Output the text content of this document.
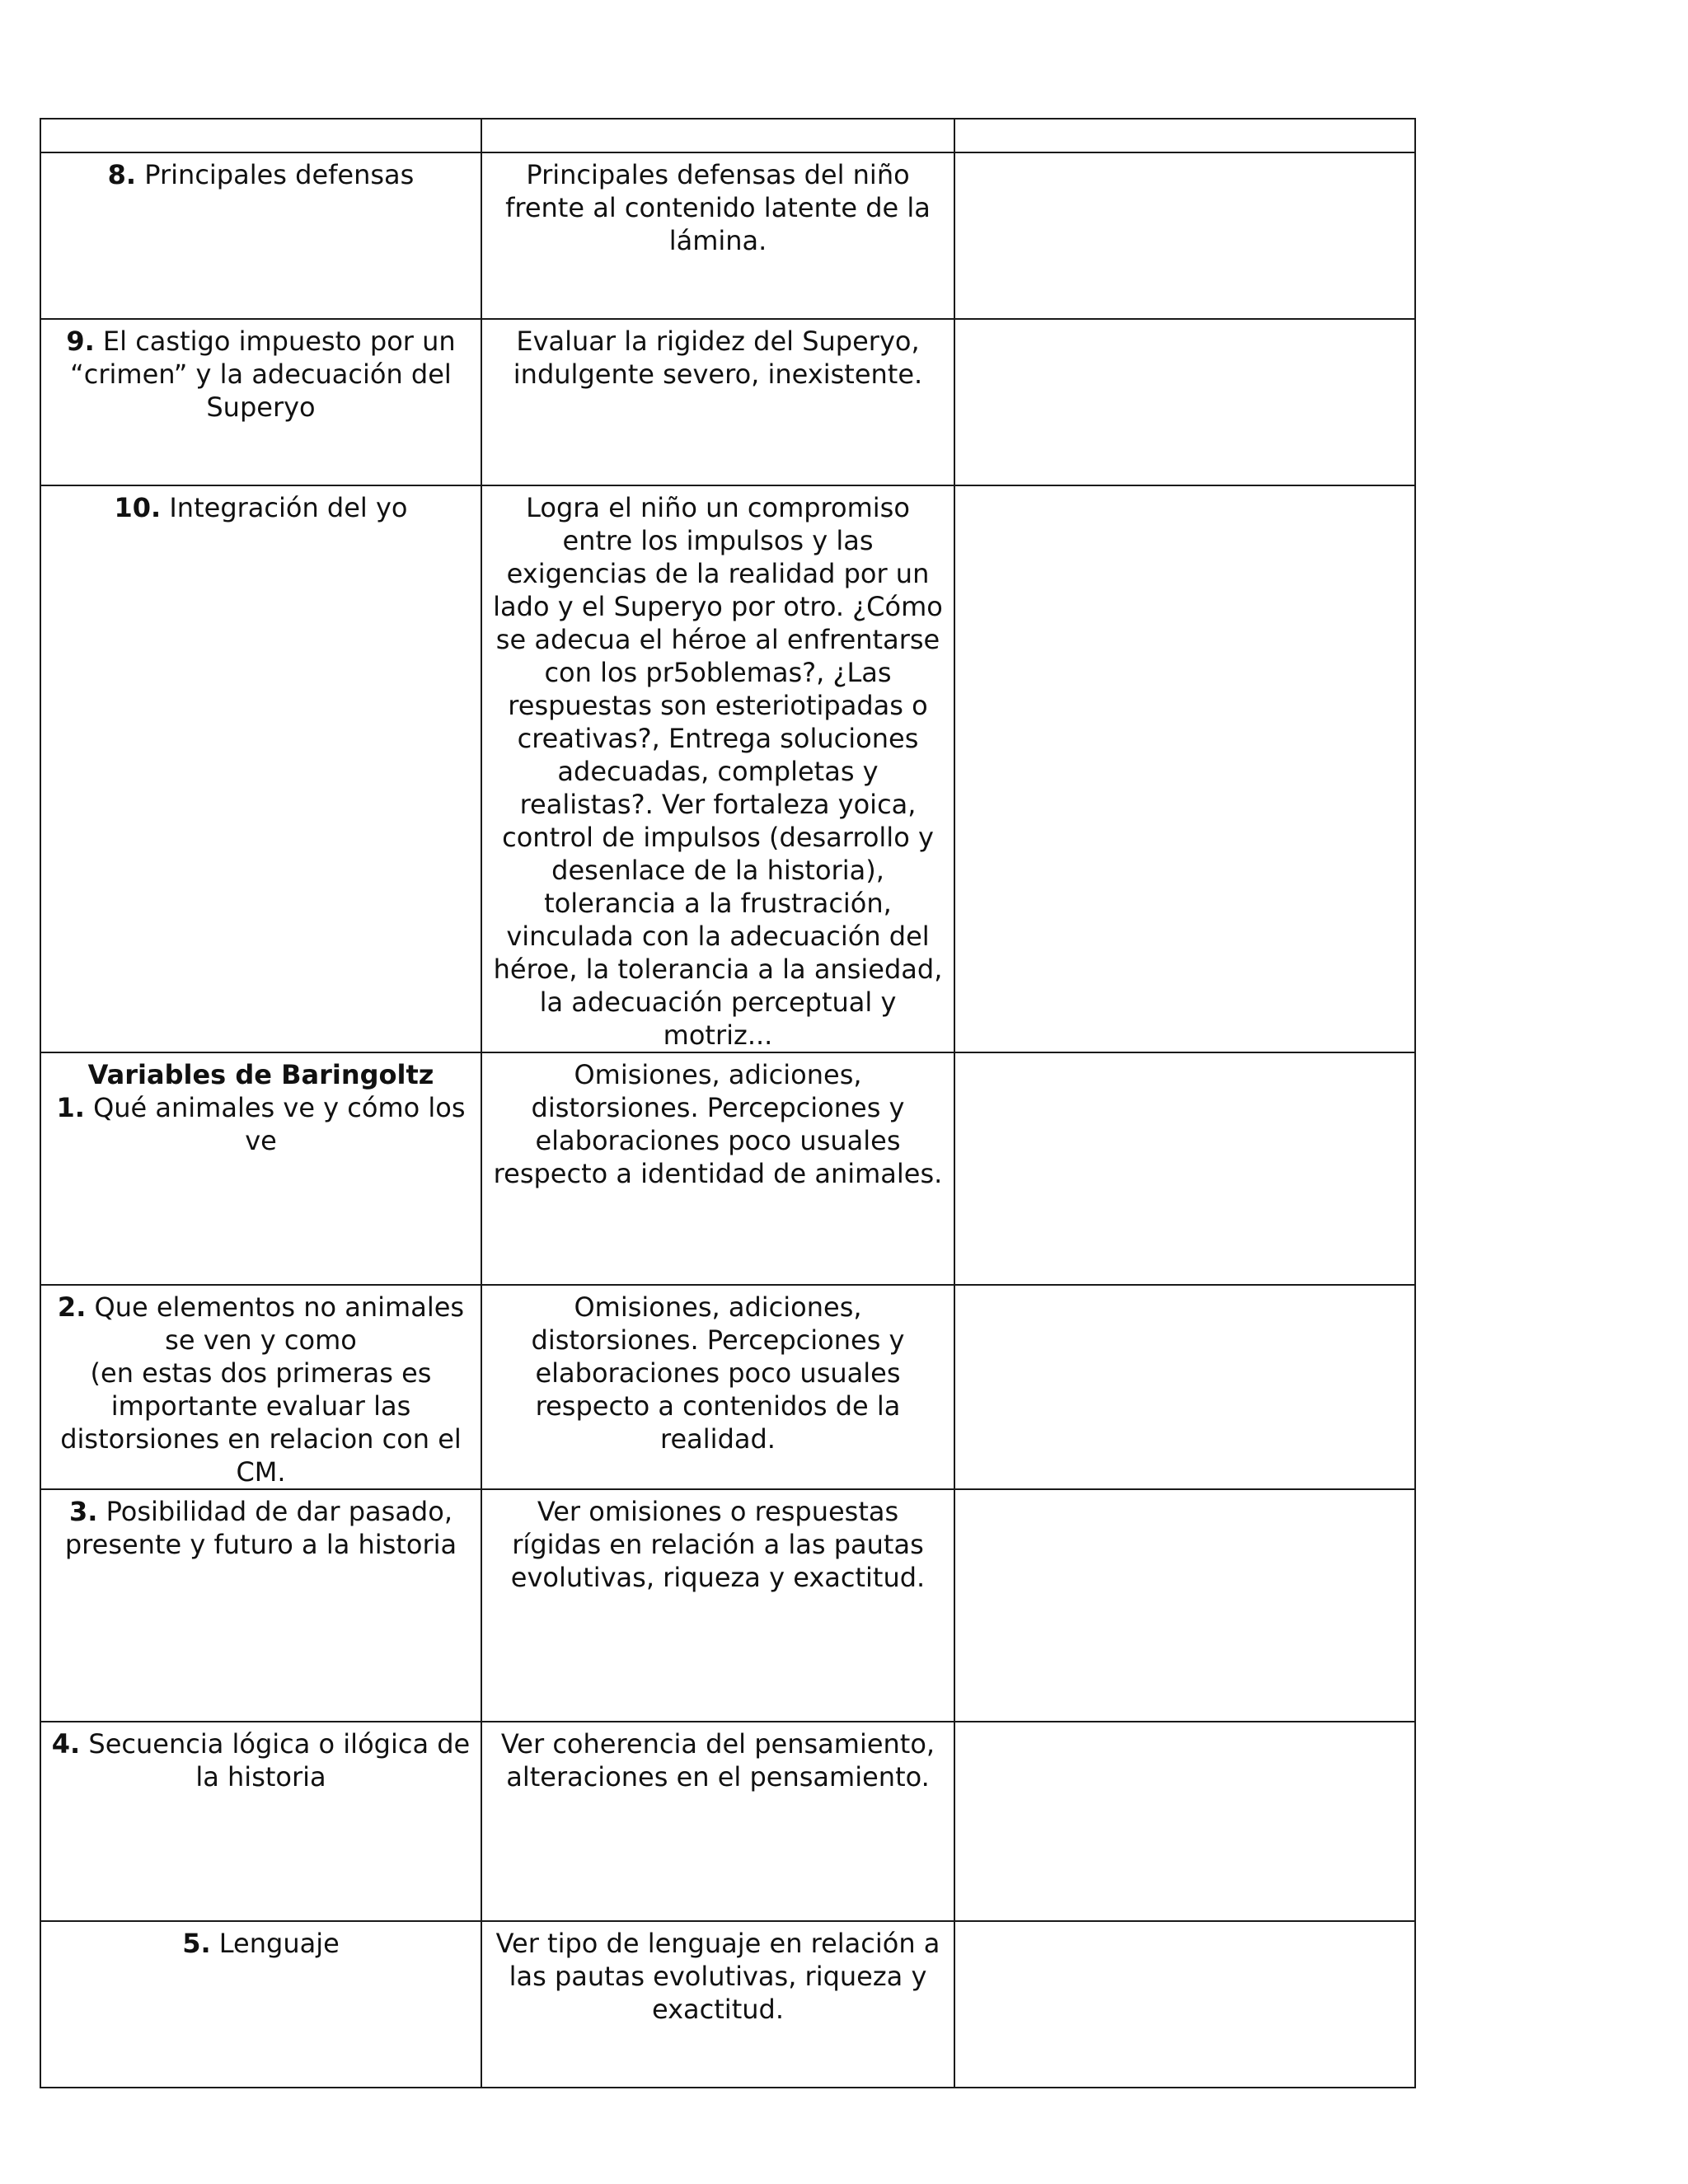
8. Principales defensas	Principales defensas del niño frente al contenido latente de la lámina.	
9. El castigo impuesto por un “crimen” y la adecuación del Superyo	Evaluar la rigidez del Superyo, indulgente severo, inexistente.	
10. Integración del yo	Logra el niño un compromiso entre los impulsos y las exigencias de la realidad por un lado y el Superyo por otro. ¿Cómo se adecua el héroe al enfrentarse con los pr5oblemas?, ¿Las respuestas son esteriotipadas o creativas?, Entrega soluciones adecuadas, completas y realistas?. Ver fortaleza yoica, control de impulsos (desarrollo y desenlace de la historia), tolerancia a la frustración, vinculada con la adecuación del héroe, la tolerancia a la ansiedad, la adecuación perceptual y motriz...	

Variables de Baringoltz
1. Qué animales ve y cómo los ve	Omisiones, adiciones, distorsiones. Percepciones y elaboraciones poco usuales respecto a identidad de animales.	
2. Que elementos no animales se ven y como
(en estas dos primeras es importante evaluar las distorsiones en relacion con el CM.	Omisiones, adiciones, distorsiones. Percepciones y elaboraciones poco usuales respecto a contenidos de la realidad.	
3. Posibilidad de dar pasado, presente y futuro a la historia	Ver omisiones o respuestas rígidas en relación a las pautas evolutivas, riqueza y exactitud.	
4. Secuencia lógica o ilógica de la historia	Ver coherencia del pensamiento, alteraciones en el pensamiento.	
5. Lenguaje	Ver tipo de lenguaje en relación a las pautas evolutivas, riqueza y exactitud.	
